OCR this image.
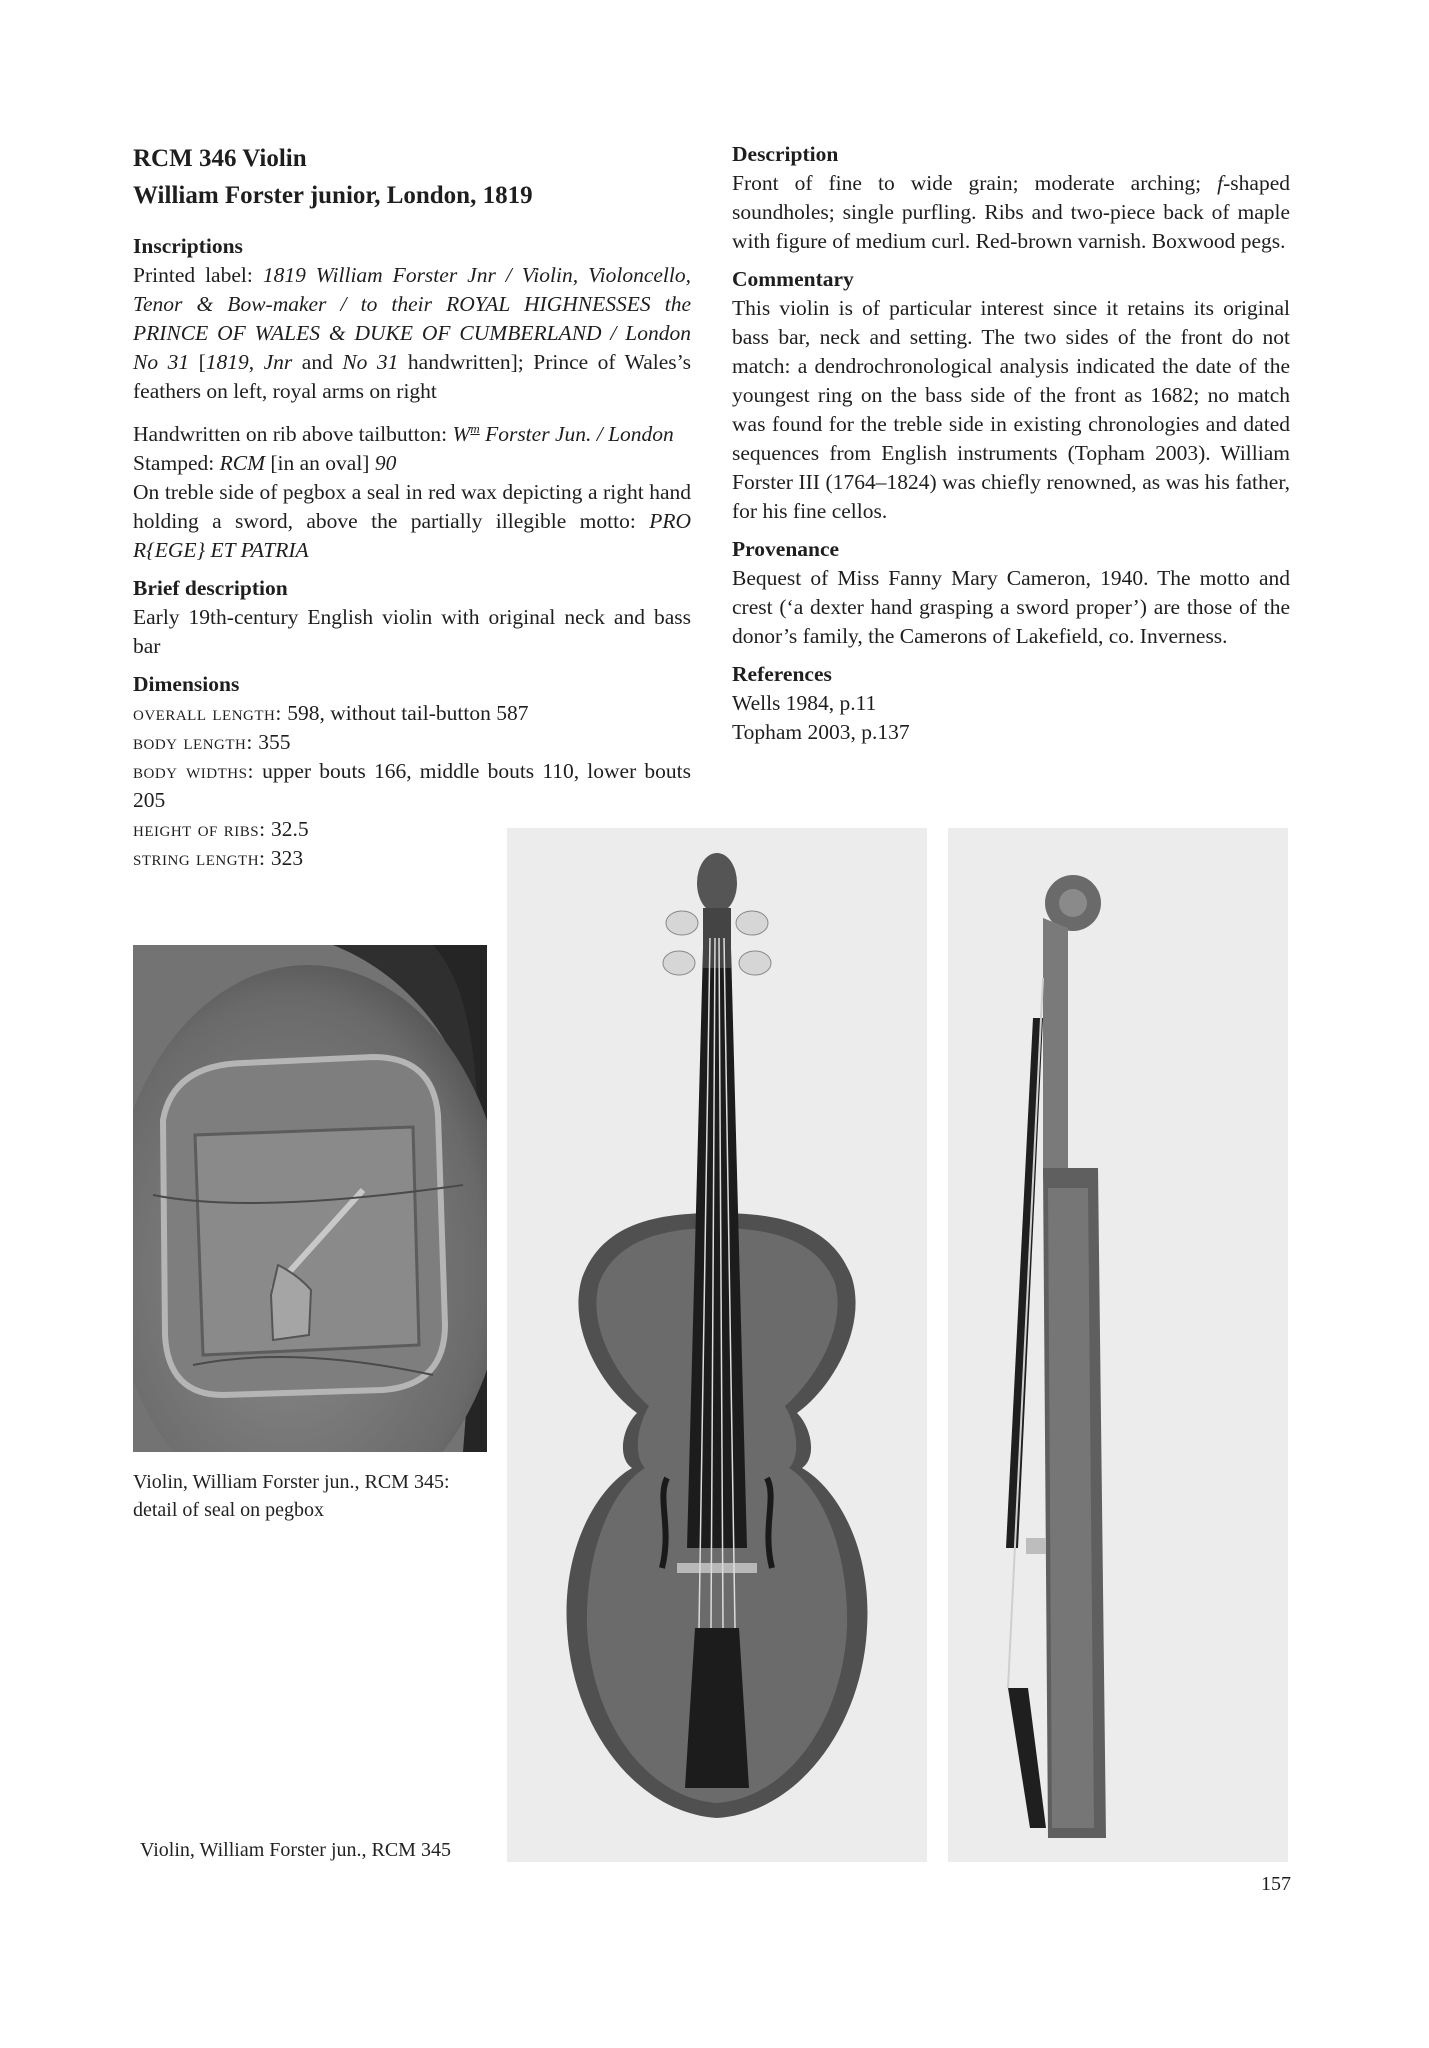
RCM 346 Violin
William Forster junior, London, 1819
Inscriptions

Printed label: 1819 William Forster Jnr / Violin, Violoncello, Tenor & Bow-maker / to their ROYAL HIGHNESSES the PRINCE OF WALES & DUKE OF CUMBERLAND / London No 31 [1819, Jnr and No 31 handwritten]; Prince of Wales’s feathers on left, royal arms on right

Handwritten on rib above tailbutton: $W^m$ Forster Jun. / London

Stamped: RCM [in an oval] 90

On treble side of pegbox a seal in red wax depicting a right hand holding a sword, above the partially illegible motto: PRO R{EGE} ET PATRIA

Brief description

Early 19th-century English violin with original neck and bass bar

Dimensions

overall length: 598, without tail-button 587

body length: 355

body widths: upper bouts 166, middle bouts 110, lower bouts 205

height of ribs: 32.5

string length: 323

Description

Front of fine to wide grain; moderate arching; f-shaped soundholes; single purfling. Ribs and two-piece back of maple with figure of medium curl. Red-brown varnish. Boxwood pegs.

Commentary

This violin is of particular interest since it retains its original bass bar, neck and setting. The two sides of the front do not match: a dendrochronological analysis indicated the date of the youngest ring on the bass side of the front as 1682; no match was found for the treble side in existing chronologies and dated sequences from English instruments (Topham 2003). William Forster III (1764–1824) was chiefly renowned, as was his father, for his fine cellos.

Provenance

Bequest of Miss Fanny Mary Cameron, 1940. The motto and crest (‘a dexter hand grasping a sword proper’) are those of the donor’s family, the Camerons of Lakefield, co. Inverness.

References

Wells 1984, p.11

Topham 2003, p.137

Violin, William Forster jun., RCM 345: detail of seal on pegbox
Violin, William Forster jun., RCM 345
157
